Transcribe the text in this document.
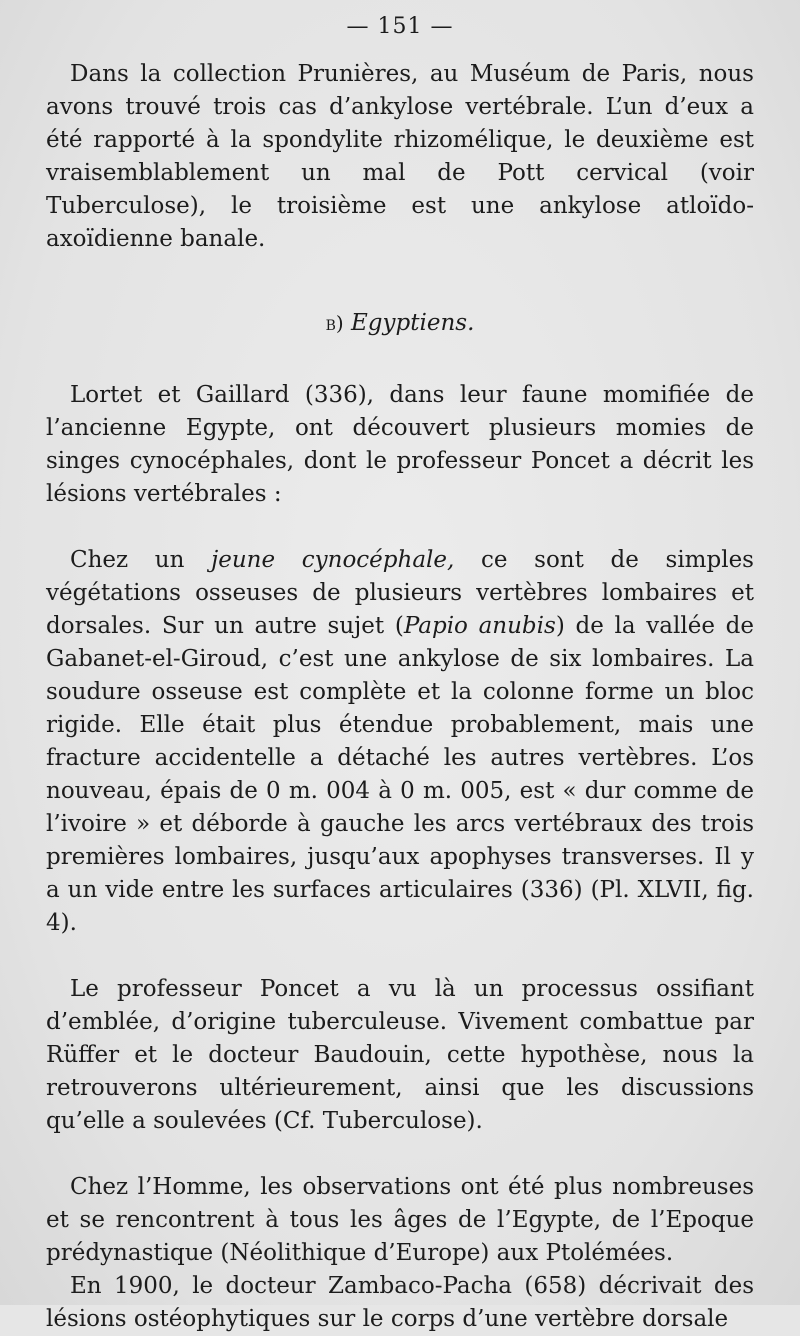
— 151 —

Dans la collection Prunières, au Muséum de Paris, nous avons trouvé trois cas d’ankylose vertébrale. L’un d’eux a été rapporté à la spondylite rhizomélique, le deuxième est vraisemblablement un mal de Pott cervical (voir Tuberculose), le troisième est une ankylose atloïdo-axoïdienne banale.

b) Egyptiens.

Lortet et Gaillard (336), dans leur faune momifiée de l’ancienne Egypte, ont découvert plusieurs momies de singes cynocéphales, dont le professeur Poncet a décrit les lésions vertébrales :

Chez un jeune cynocéphale, ce sont de simples végétations osseuses de plusieurs vertèbres lombaires et dorsales. Sur un autre sujet (Papio anubis) de la vallée de Gabanet-el-Giroud, c’est une ankylose de six lombaires. La soudure osseuse est complète et la colonne forme un bloc rigide. Elle était plus étendue probablement, mais une fracture accidentelle a détaché les autres vertèbres. L’os nouveau, épais de 0 m. 004 à 0 m. 005, est « dur comme de l’ivoire » et déborde à gauche les arcs vertébraux des trois premières lombaires, jusqu’aux apophyses transverses. Il y a un vide entre les surfaces articulaires (336) (Pl. XLVII, fig. 4).

Le professeur Poncet a vu là un processus ossifiant d’emblée, d’origine tuberculeuse. Vivement combattue par Rüffer et le docteur Baudouin, cette hypothèse, nous la retrouverons ultérieurement, ainsi que les discussions qu’elle a soulevées (Cf. Tuberculose).

Chez l’Homme, les observations ont été plus nombreuses et se rencontrent à tous les âges de l’Egypte, de l’Epoque prédynastique (Néolithique d’Europe) aux Ptolémées.

En 1900, le docteur Zambaco-Pacha (658) décrivait des lésions ostéophytiques sur le corps d’une vertèbre dorsale
